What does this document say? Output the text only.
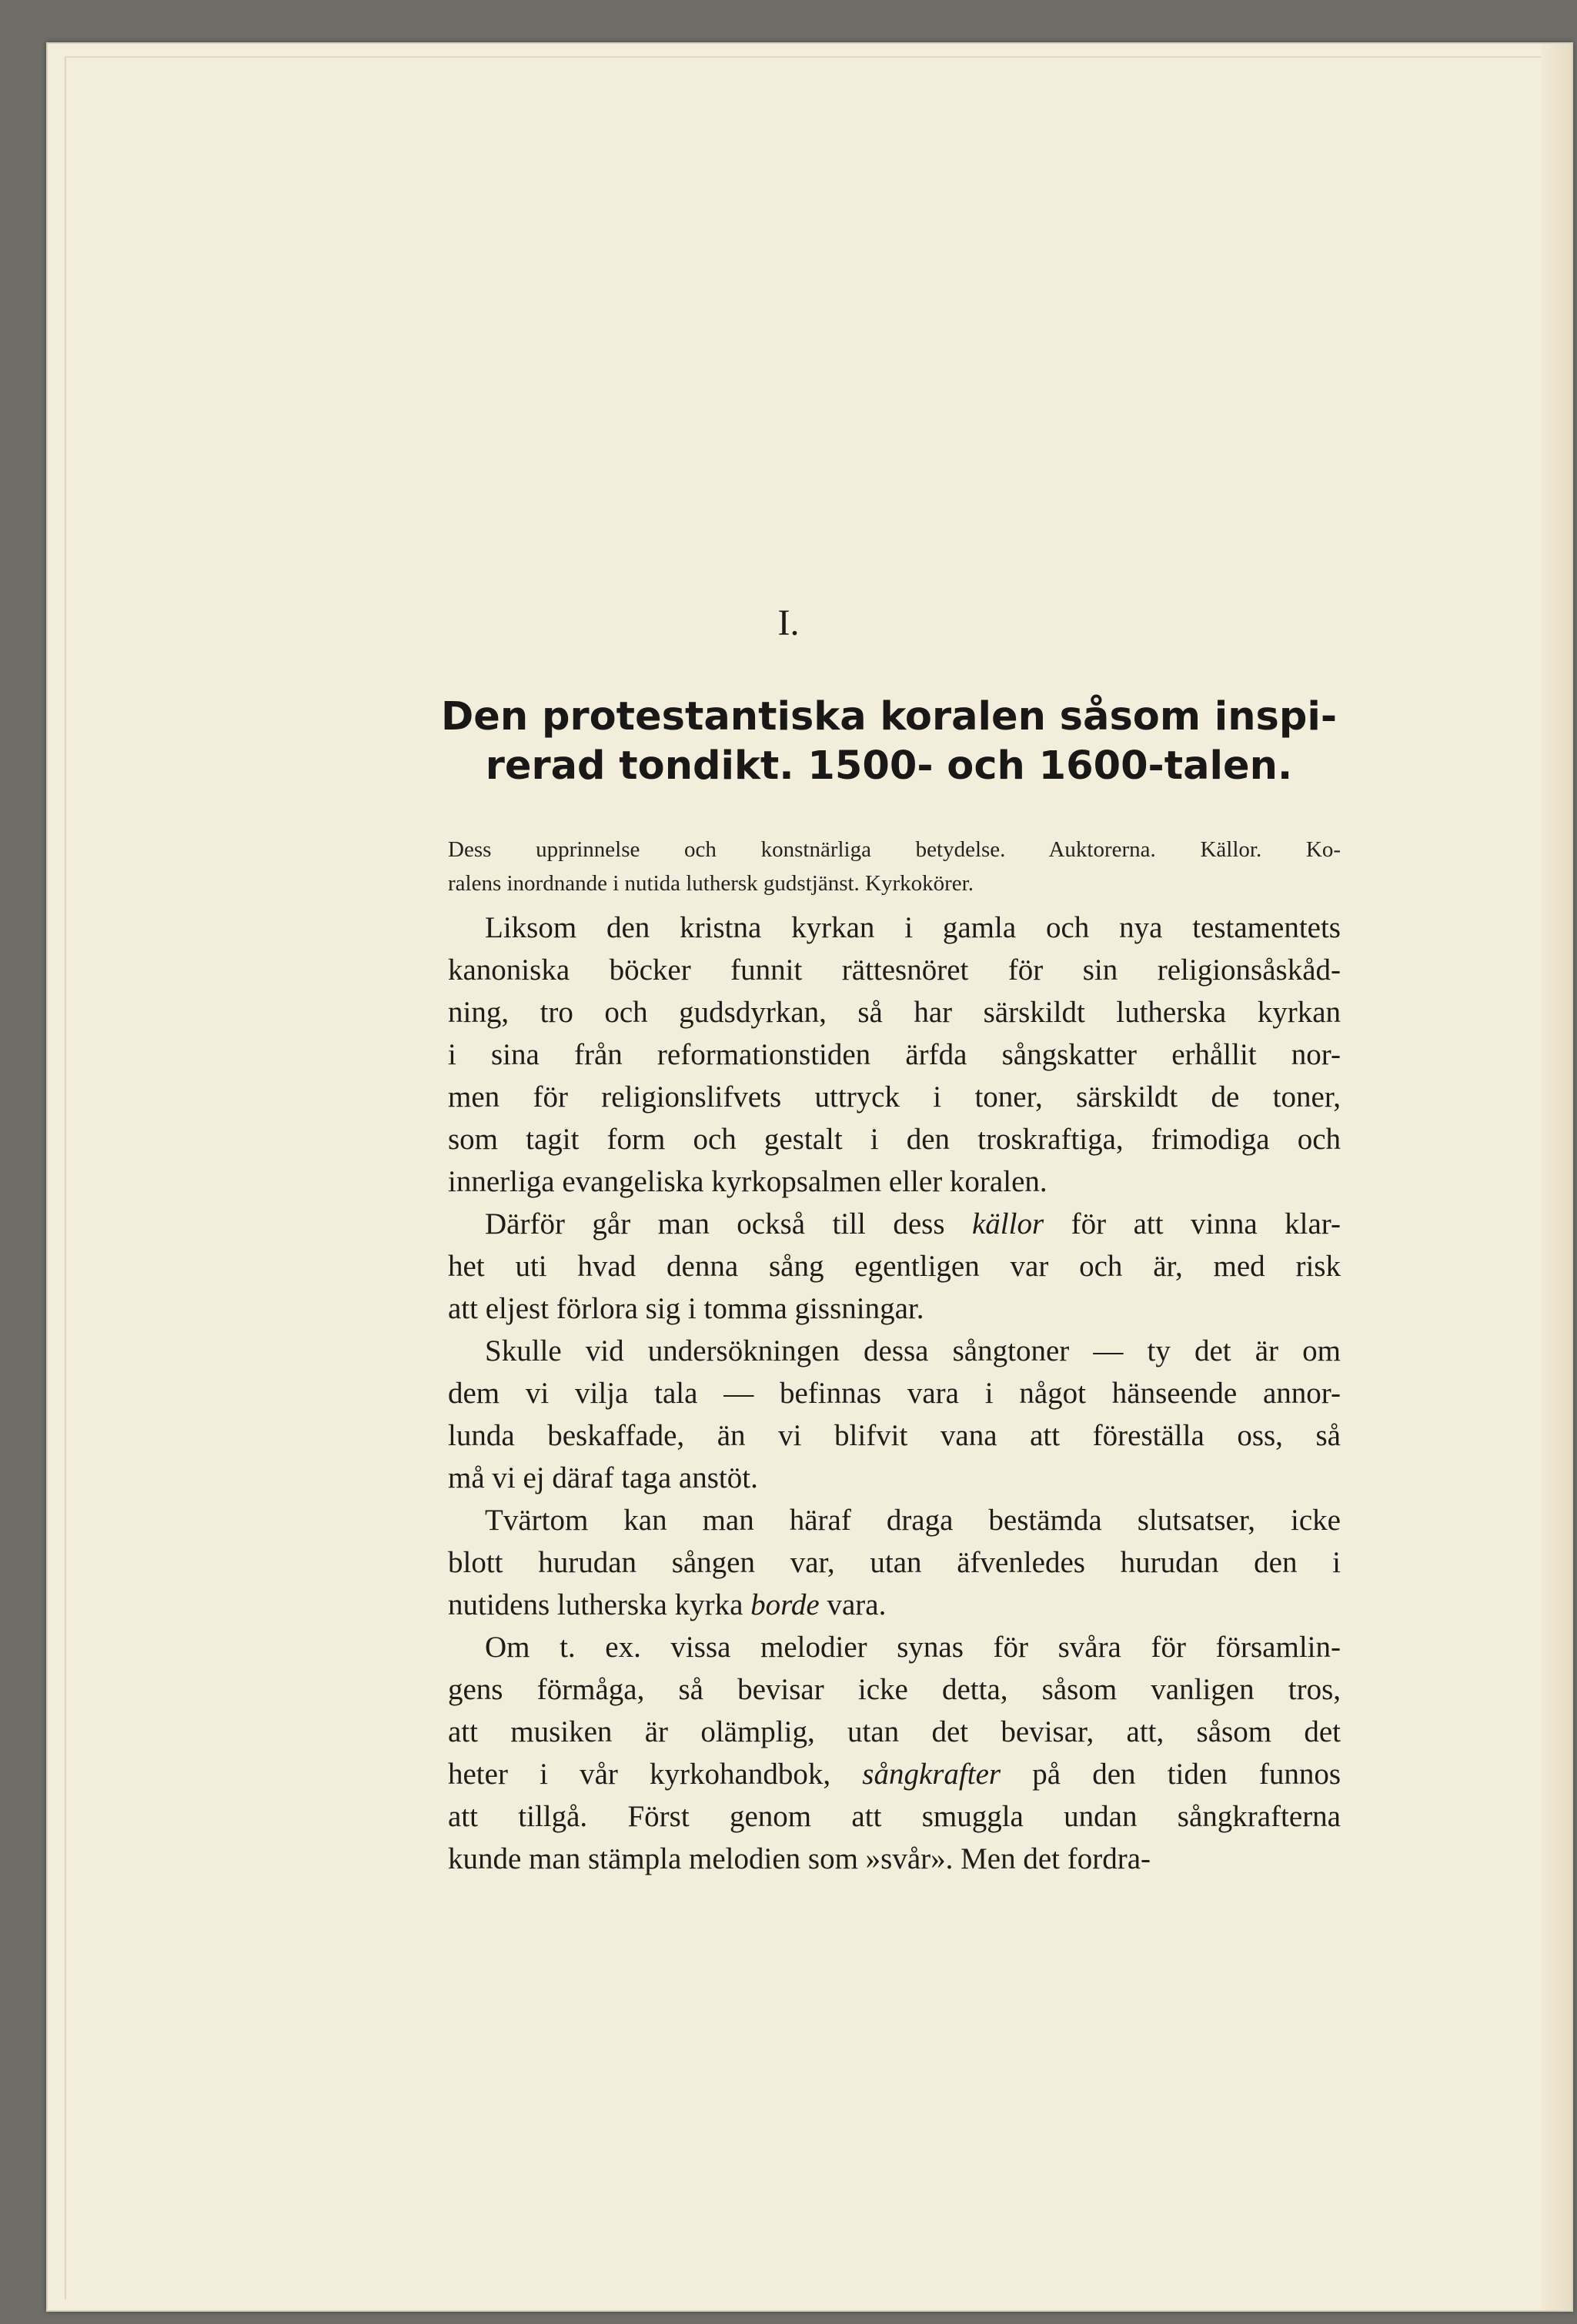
I.
Den protestantiska koralen såsom inspi-
rerad tondikt. 1500- och 1600-talen.
Dess upprinnelse och konstnärliga betydelse. Auktorerna. Källor. Ko-
ralens inordnande i nutida luthersk gudstjänst. Kyrkokörer.
Liksom den kristna kyrkan i gamla och nya testamentets
kanoniska böcker funnit rättesnöret för sin religionsåskåd-
ning, tro och gudsdyrkan, så har särskildt lutherska kyrkan
i sina från reformationstiden ärfda sångskatter erhållit nor-
men för religionslifvets uttryck i toner, särskildt de toner,
som tagit form och gestalt i den troskraftiga, frimodiga och
innerliga evangeliska kyrkopsalmen eller koralen.
Därför går man också till dess källor för att vinna klar-
het uti hvad denna sång egentligen var och är, med risk
att eljest förlora sig i tomma gissningar.
Skulle vid undersökningen dessa sångtoner — ty det är om
dem vi vilja tala — befinnas vara i något hänseende annor-
lunda beskaffade, än vi blifvit vana att föreställa oss, så
må vi ej däraf taga anstöt.
Tvärtom kan man häraf draga bestämda slutsatser, icke
blott hurudan sången var, utan äfvenledes hurudan den i
nutidens lutherska kyrka borde vara.
Om t. ex. vissa melodier synas för svåra för församlin-
gens förmåga, så bevisar icke detta, såsom vanligen tros,
att musiken är olämplig, utan det bevisar, att, såsom det
heter i vår kyrkohandbok, sångkrafter på den tiden funnos
att tillgå. Först genom att smuggla undan sångkrafterna
kunde man stämpla melodien som »svår». Men det fordra-
